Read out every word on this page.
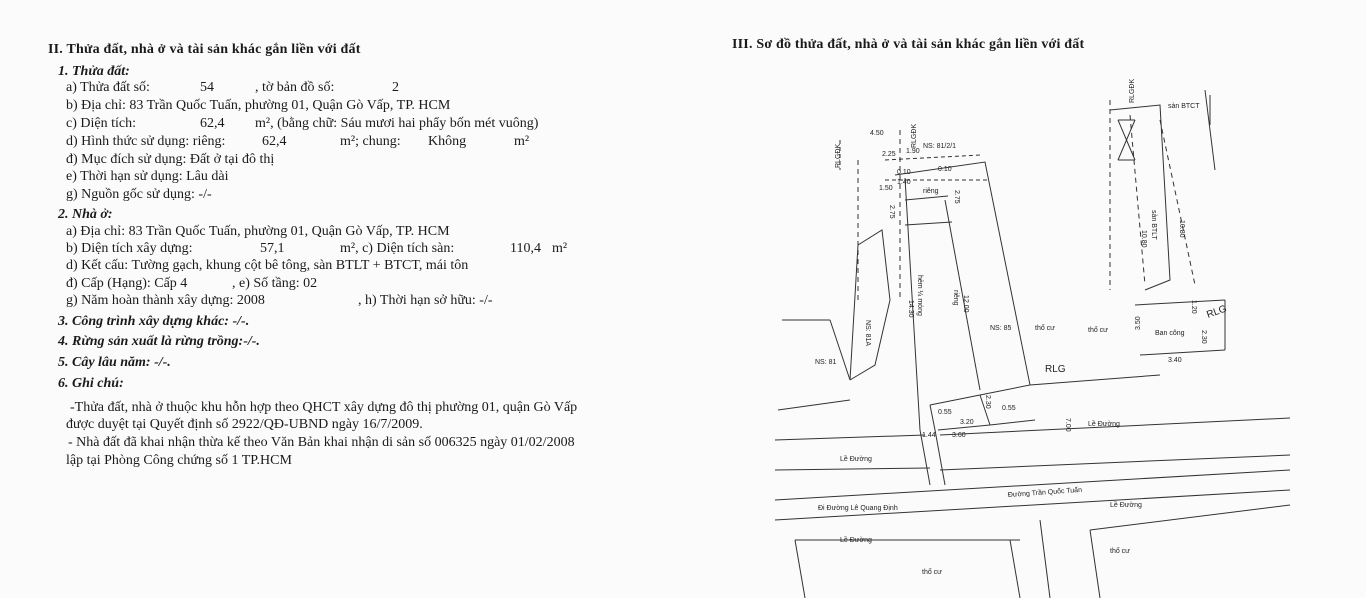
II. Thửa đất, nhà ở và tài sản khác gắn liền với đất
1. Thửa đất:
a) Thửa đất số:	54	, tờ bản đồ số:	2
b) Địa chỉ: 83 Trần Quốc Tuấn, phường 01, Quận Gò Vấp, TP. HCM
c) Diện tích:	62,4 m², (bằng chữ: Sáu mươi hai phẩy bốn mét vuông)
d) Hình thức sử dụng: riêng:	62,4	m²; chung: Không	m²
đ) Mục đích sử dụng: Đất ở tại đô thị
e) Thời hạn sử dụng: Lâu dài
g) Nguồn gốc sử dụng: -/-
2. Nhà ở:
a) Địa chỉ: 83 Trần Quốc Tuấn, phường 01, Quận Gò Vấp, TP. HCM
b) Diện tích xây dựng:	57,1	m², c) Diện tích sàn:	110,4 m²
d) Kết cấu: Tường gạch, khung cột bê tông, sàn BTLT + BTCT, mái tôn
đ) Cấp (Hạng): Cấp 4	, e) Số tầng: 02
g) Năm hoàn thành xây dựng: 2008	, h) Thời hạn sở hữu: -/-
3. Công trình xây dựng khác: -/-.
4. Rừng sản xuất là rừng trồng:-/-.
5. Cây lâu năm: -/-.
6. Ghi chú:
-Thửa đất, nhà ở thuộc khu hỗn hợp theo QHCT xây dựng đô thị phường 01, quận Gò Vấp
được duyệt tại Quyết định số 2922/QĐ-UBND ngày 16/7/2009.
- Nhà đất đã khai nhận thừa kế theo Văn Bản khai nhận di sản số 006325 ngày 01/02/2008
lập tại Phòng Công chứng số 1 TP.HCM
III. Sơ đồ thửa đất, nhà ở và tài sản khác gắn liền với đất
RLGĐK
RLGĐK
RLGĐK
4.50
2.25
NS: 81/2/1
1.90
0.10	0.10
1.50
1.40
riêng
2.75
2.75
hẻm ¼ móng
14.30	12.00
riêng
NS: 81A
NS: 81
NS: 85	thổ cư	thổ cư
sàn BTCT
sàn BTLT
10.80
10.80
1.20
2.30
3.50
Ban công
3.40
0.55
0.55
2.30
3.20
1.44 3.60
7.00 Lề Đường
Lề Đường
Đường Trần Quốc Tuấn
Đi Đường Lê Quang Định	Lề Đường
Lề Đường
thổ cư
thổ cư
RLG
RLG
